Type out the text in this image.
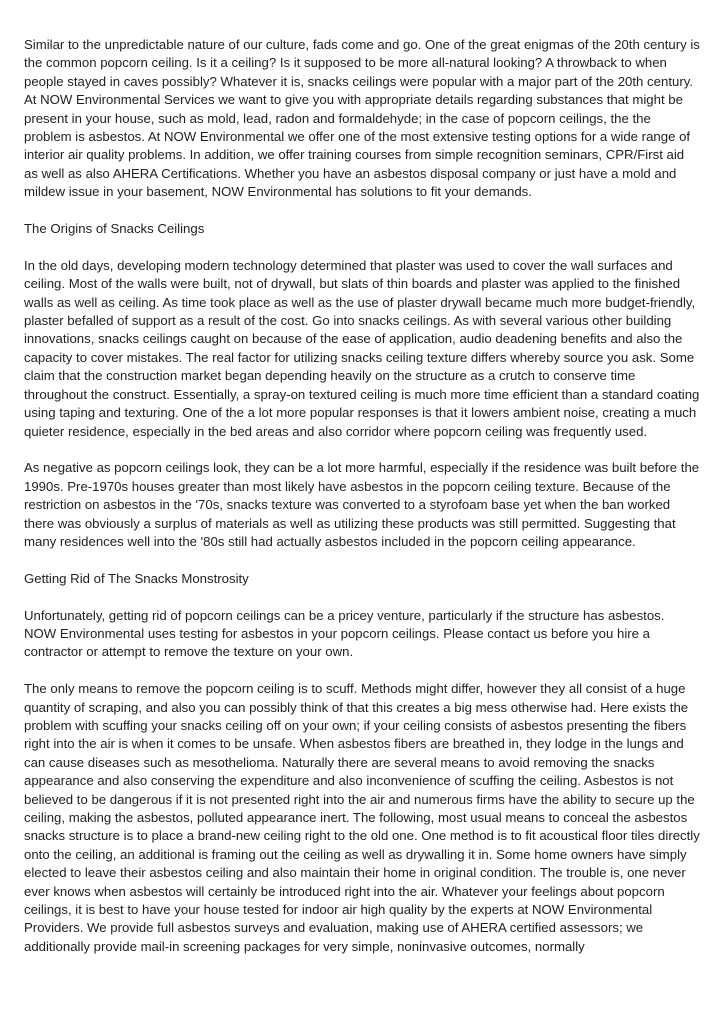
Similar to the unpredictable nature of our culture, fads come and go. One of the great enigmas of the 20th century is the common popcorn ceiling. Is it a ceiling? Is it supposed to be more all-natural looking? A throwback to when people stayed in caves possibly? Whatever it is, snacks ceilings were popular with a major part of the 20th century. At NOW Environmental Services we want to give you with appropriate details regarding substances that might be present in your house, such as mold, lead, radon and formaldehyde; in the case of popcorn ceilings, the the problem is asbestos. At NOW Environmental we offer one of the most extensive testing options for a wide range of interior air quality problems. In addition, we offer training courses from simple recognition seminars, CPR/First aid as well as also AHERA Certifications. Whether you have an asbestos disposal company or just have a mold and mildew issue in your basement, NOW Environmental has solutions to fit your demands.

The Origins of Snacks Ceilings

In the old days, developing modern technology determined that plaster was used to cover the wall surfaces and ceiling. Most of the walls were built, not of drywall, but slats of thin boards and plaster was applied to the finished walls as well as ceiling. As time took place as well as the use of plaster drywall became much more budget-friendly, plaster befalled of support as a result of the cost. Go into snacks ceilings. As with several various other building innovations, snacks ceilings caught on because of the ease of application, audio deadening benefits and also the capacity to cover mistakes. The real factor for utilizing snacks ceiling texture differs whereby source you ask. Some claim that the construction market began depending heavily on the structure as a crutch to conserve time throughout the construct. Essentially, a spray-on textured ceiling is much more time efficient than a standard coating using taping and texturing. One of the a lot more popular responses is that it lowers ambient noise, creating a much quieter residence, especially in the bed areas and also corridor where popcorn ceiling was frequently used.

As negative as popcorn ceilings look, they can be a lot more harmful, especially if the residence was built before the 1990s. Pre-1970s houses greater than most likely have asbestos in the popcorn ceiling texture. Because of the restriction on asbestos in the '70s, snacks texture was converted to a styrofoam base yet when the ban worked there was obviously a surplus of materials as well as utilizing these products was still permitted. Suggesting that many residences well into the '80s still had actually asbestos included in the popcorn ceiling appearance.

Getting Rid of The Snacks Monstrosity

Unfortunately, getting rid of popcorn ceilings can be a pricey venture, particularly if the structure has asbestos. NOW Environmental uses testing for asbestos in your popcorn ceilings. Please contact us before you hire a contractor or attempt to remove the texture on your own.

The only means to remove the popcorn ceiling is to scuff. Methods might differ, however they all consist of a huge quantity of scraping, and also you can possibly think of that this creates a big mess otherwise had. Here exists the problem with scuffing your snacks ceiling off on your own; if your ceiling consists of asbestos presenting the fibers right into the air is when it comes to be unsafe. When asbestos fibers are breathed in, they lodge in the lungs and can cause diseases such as mesothelioma. Naturally there are several means to avoid removing the snacks appearance and also conserving the expenditure and also inconvenience of scuffing the ceiling. Asbestos is not believed to be dangerous if it is not presented right into the air and numerous firms have the ability to secure up the ceiling, making the asbestos, polluted appearance inert. The following, most usual means to conceal the asbestos snacks structure is to place a brand-new ceiling right to the old one. One method is to fit acoustical floor tiles directly onto the ceiling, an additional is framing out the ceiling as well as drywalling it in. Some home owners have simply elected to leave their asbestos ceiling and also maintain their home in original condition. The trouble is, one never ever knows when asbestos will certainly be introduced right into the air. Whatever your feelings about popcorn ceilings, it is best to have your house tested for indoor air high quality by the experts at NOW Environmental Providers. We provide full asbestos surveys and evaluation, making use of AHERA certified assessors; we additionally provide mail-in screening packages for very simple, noninvasive outcomes, normally
